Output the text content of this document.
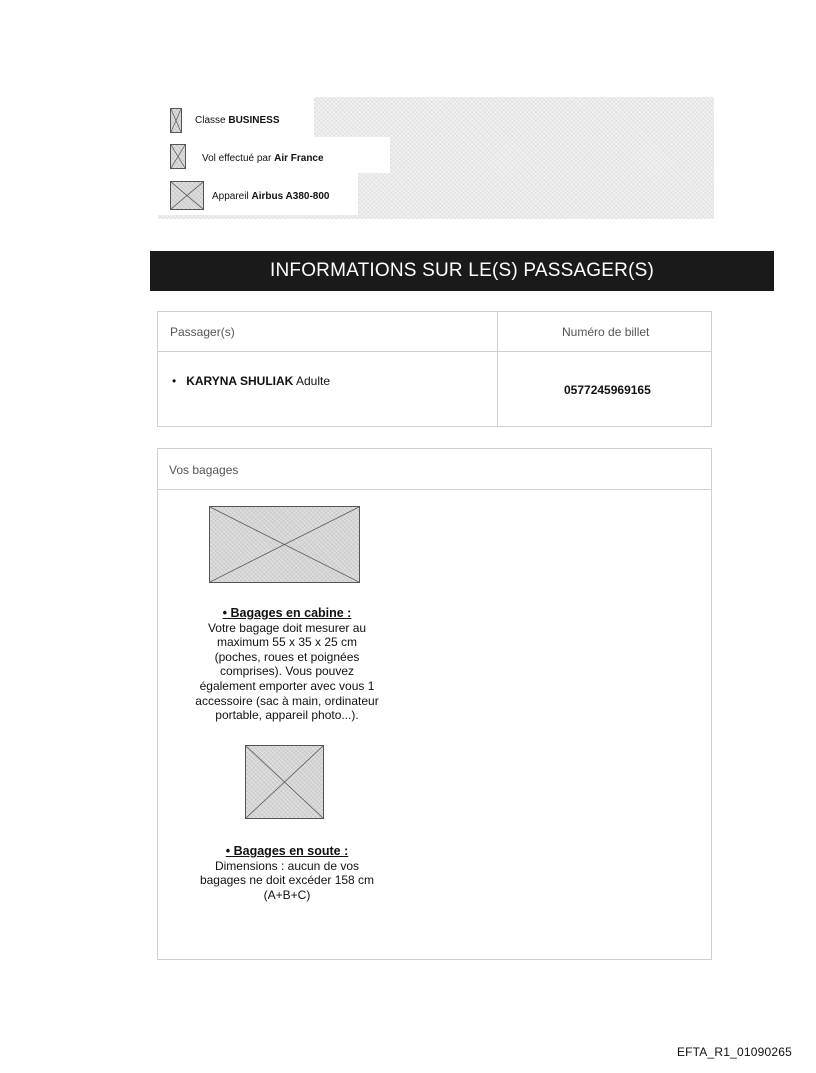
Classe BUSINESS
Vol effectué par Air France
Appareil Airbus A380-800
INFORMATIONS SUR LE(S) PASSAGER(S)
Passager(s)	Numéro de billet
• KARYNA SHULIAK Adulte
0577245969165
Vos bagages
• Bagages en cabine :
Votre bagage doit mesurer au maximum 55 x 35 x 25 cm (poches, roues et poignées comprises). Vous pouvez également emporter avec vous 1 accessoire (sac à main, ordinateur portable, appareil photo...).
• Bagages en soute :
Dimensions : aucun de vos bagages ne doit excéder 158 cm (A+B+C)
EFTA_R1_01090265
